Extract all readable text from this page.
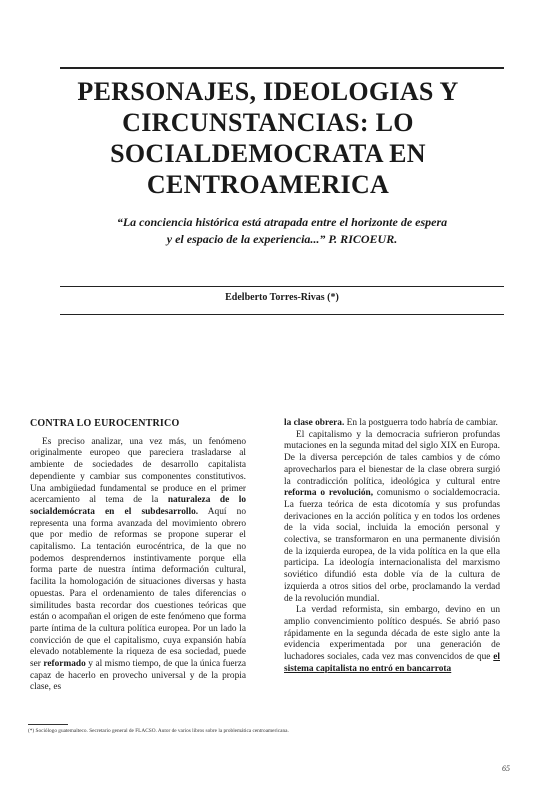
PERSONAJES, IDEOLOGIAS Y
CIRCUNSTANCIAS: LO
SOCIALDEMOCRATA EN
CENTROAMERICA
“La conciencia histórica está atrapada entre el horizonte de espera
y el espacio de la experiencia...” P. RICOEUR.
Edelberto Torres-Rivas (*)
CONTRA LO EUROCENTRICO

Es preciso analizar, una vez más, un fenómeno originalmente europeo que pareciera trasladarse al ambiente de sociedades de desarrollo capitalista dependiente y cambiar sus componentes constitutivos. Una ambigüedad fundamental se produce en el primer acercamiento al tema de la naturaleza de lo socialdemócrata en el subdesarrollo. Aquí no representa una forma avanzada del movimiento obrero que por medio de reformas se propone superar el capitalismo. La tentación eurocéntrica, de la que no podemos desprendernos instintivamente porque ella forma parte de nuestra íntima deformación cultural, facilita la homologación de situaciones diversas y hasta opuestas. Para el ordenamiento de tales diferencias o similitudes basta recordar dos cuestiones teóricas que están o acompañan el origen de este fenómeno que forma parte íntima de la cultura política europea. Por un lado la convicción de que el capitalismo, cuya expansión había elevado notablemente la riqueza de esa sociedad, puede ser reformado y al mismo tiempo, de que la única fuerza capaz de hacerlo en provecho universal y de la propia clase, es

la clase obrera. En la postguerra todo habría de cambiar.

El capitalismo y la democracia sufrieron profundas mutaciones en la segunda mitad del siglo XIX en Europa. De la diversa percepción de tales cambios y de cómo aprovecharlos para el bienestar de la clase obrera surgió la contradicción política, ideológica y cultural entre reforma o revolución, comunismo o socialdemocracia. La fuerza teórica de esta dicotomía y sus profundas derivaciones en la acción política y en todos los ordenes de la vida social, incluida la emoción personal y colectiva, se transformaron en una permanente división de la izquierda europea, de la vida política en la que ella participa. La ideología internacionalista del marxismo soviético difundió esta doble vía de la cultura de izquierda a otros sitios del orbe, proclamando la verdad de la revolución mundial.

La verdad reformista, sin embargo, devino en un amplio convencimiento político después. Se abrió paso rápidamente en la segunda década de este siglo ante la evidencia experimentada por una generación de luchadores sociales, cada vez mas convencidos de que el sistema capitalista no entró en bancarrota

(*) Sociólogo guatemalteco. Secretario general de FLACSO. Autor de varios libros sobre la problemática centroamericana.
65
